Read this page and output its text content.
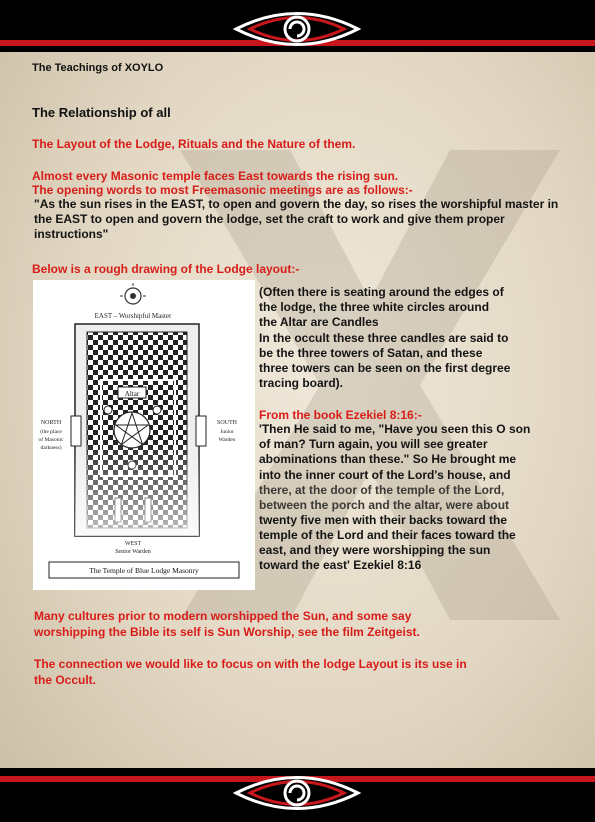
The Teachings of XOYLO

The Relationship of all

The Layout of the Lodge, Rituals and the Nature of them.

Almost every Masonic temple faces East towards the rising sun.

The opening words to most Freemasonic meetings are as follows:-

"As the sun rises in the EAST, to open and govern the day, so rises the worshipful master in the EAST to open and govern the lodge, set the craft to work and give them proper instructions"

Below is a rough drawing of the Lodge layout:-

EAST – Worshipful Master
NORTH
(the place
of Masonic
darkness)
SOUTH
Junior
Warden
WEST
Senior Warden
The Temple of Blue Lodge Masonry

(Often there is seating around the edges of

the lodge, the three white circles around

the Altar are Candles

In the occult these three candles are said to

be the three towers of Satan, and these

three towers can be seen on the first degree

tracing board).

From the book Ezekiel 8:16:-

'Then He said to me, "Have you seen this O son

of man? Turn again, you will see greater

abominations than these." So He brought me

into the inner court of the Lord's house, and

there, at the door of the temple of the Lord,

between the porch and the altar, were about

twenty five men with their backs toward the

temple of the Lord and their faces toward the

east, and they were worshipping the sun

toward the east' Ezekiel 8:16

Many cultures prior to modern worshipped the Sun, and some say

worshipping the Bible its self is Sun Worship, see the film Zeitgeist.

The connection we would like to focus on with the lodge Layout is its use in

the Occult.
